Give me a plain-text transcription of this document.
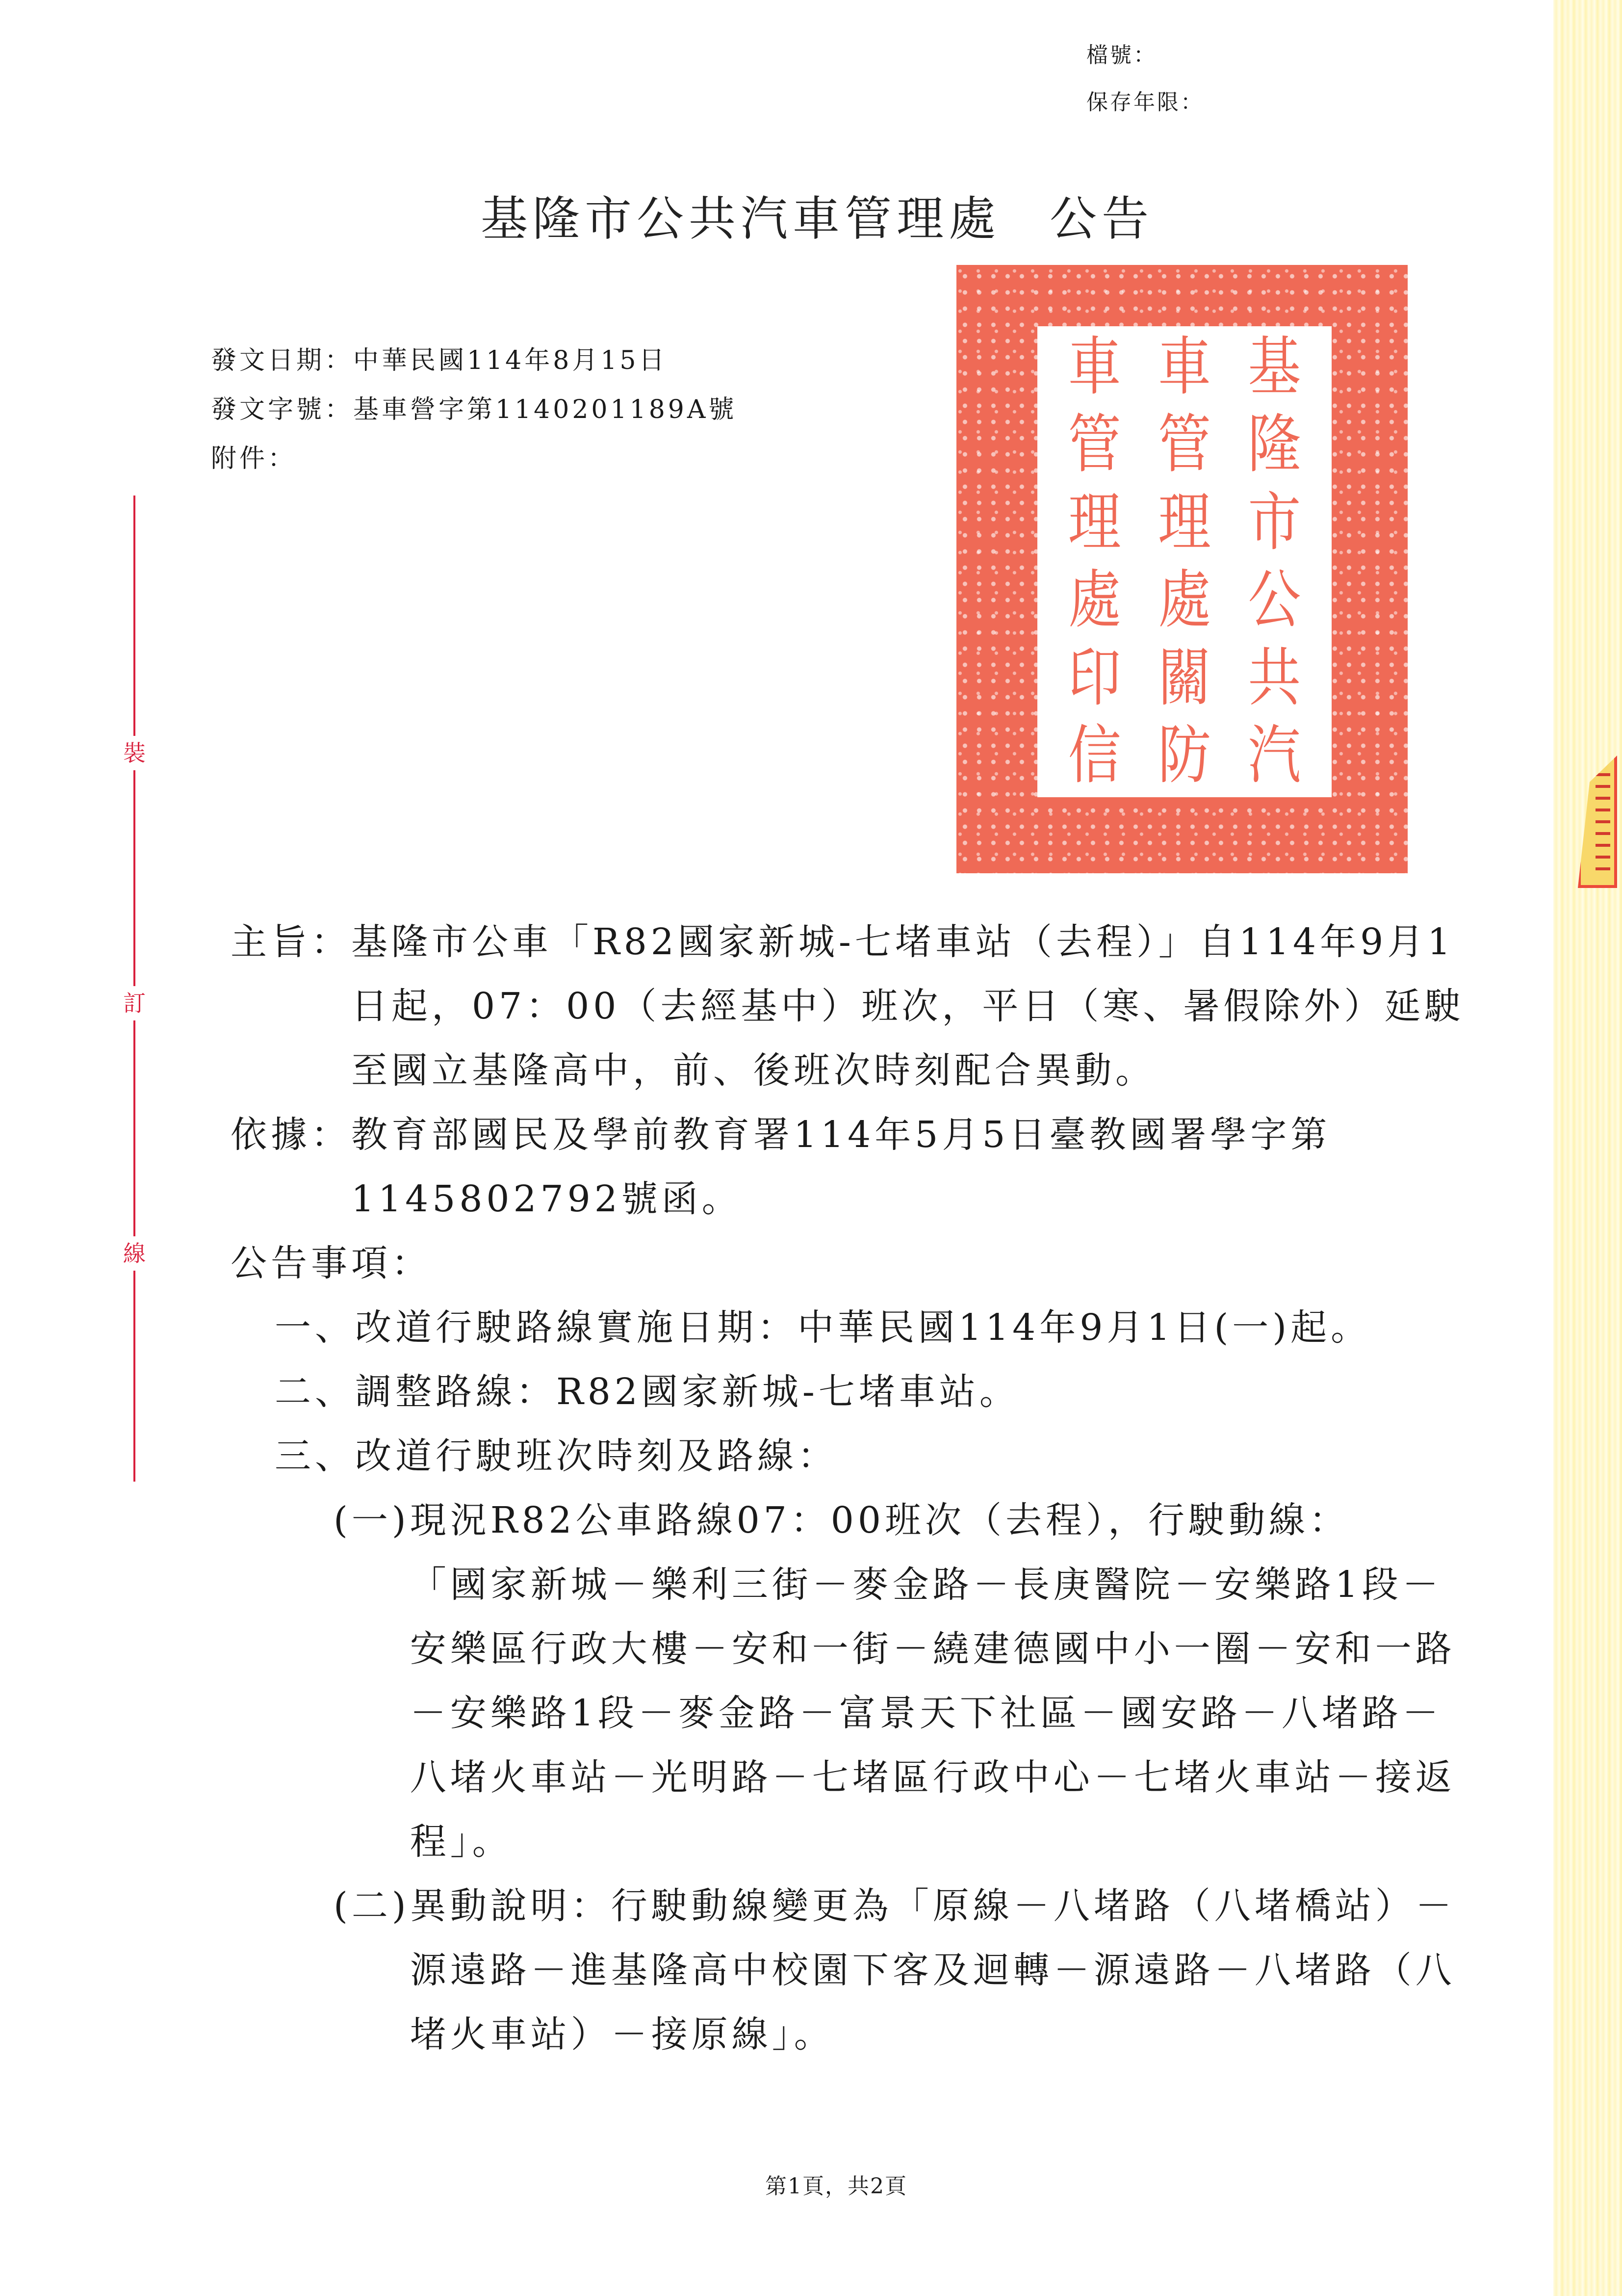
檔號：
保存年限：
基隆市公共汽車管理處 公告
發文日期：中華民國114年8月15日
發文字號：基車營字第1140201189A號
附件：
裝
訂
線
車
管
理
處
印
信
車
管
理
處
關
防
基
隆
市
公
共
汽
主旨： 基隆市公車「R82國家新城-七堵車站（去程）」自114年9月1日起，07：00（去經基中）班次，平日（寒、暑假除外）延駛至國立基隆高中，前、後班次時刻配合異動。
依據： 教育部國民及學前教育署114年5月5日臺教國署學字第1145802792號函。
公告事項：
一、 改道行駛路線實施日期：中華民國114年9月1日(一)起。
二、 調整路線：R82國家新城-七堵車站。
三、 改道行駛班次時刻及路線：
(一) 現況R82公車路線07：00班次（去程），行駛動線：
「國家新城－樂利三街－麥金路－長庚醫院－安樂路1段－安樂區行政大樓－安和一街－繞建德國中小一圈－安和一路－安樂路1段－麥金路－富景天下社區－國安路－八堵路－八堵火車站－光明路－七堵區行政中心－七堵火車站－接返程」。
(二) 異動說明：行駛動線變更為「原線－八堵路（八堵橋站）－源遠路－進基隆高中校園下客及迴轉－源遠路－八堵路（八堵火車站）－接原線」。
第1頁，共2頁
